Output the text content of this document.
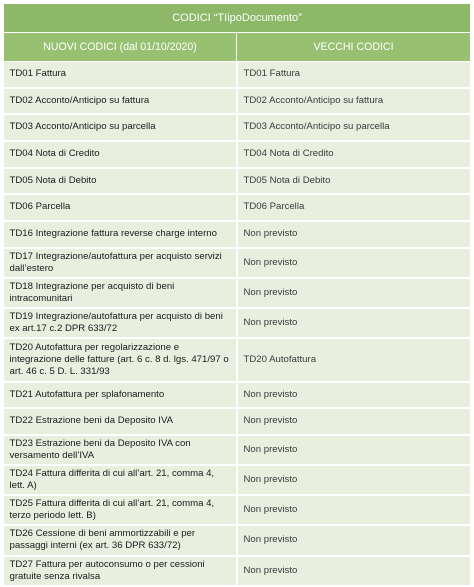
CODICI “TIipoDocumento”	
NUOVI CODICI (dal 01/10/2020)	VECCHI CODICI
TD01 Fattura	TD01 Fattura
TD02 Acconto/Anticipo su fattura	TD02 Acconto/Anticipo su fattura
TD03 Acconto/Anticipo su parcella	TD03 Acconto/Anticipo su parcella
TD04 Nota di Credito	TD04 Nota di Credito
TD05 Nota di Debito	TD05 Nota di Debito
TD06 Parcella	TD06 Parcella
TD16 Integrazione fattura reverse charge interno	Non previsto
TD17 Integrazione/autofattura per acquisto servizi dall’estero	Non previsto
TD18 Integrazione per acquisto di beni intracomunitari	Non previsto
TD19 Integrazione/autofattura per acquisto di beni ex art.17 c.2 DPR 633/72	Non previsto
TD20 Autofattura per regolarizzazione e integrazione delle fatture (art. 6 c. 8 d. lgs. 471/97 o art. 46 c. 5 D. L. 331/93	TD20 Autofattura
TD21 Autofattura per splafonamento	Non previsto
TD22 Estrazione beni da Deposito IVA	Non previsto
TD23 Estrazione beni da Deposito IVA con versamento dell’IVA	Non previsto
TD24 Fattura differita di cui all’art. 21, comma 4, lett. A)	Non previsto
TD25 Fattura differita di cui all’art. 21, comma 4, terzo periodo lett. B)	Non previsto
TD26 Cessione di beni ammortizzabili e per passaggi interni (ex art. 36 DPR 633/72)	Non previsto
TD27 Fattura per autoconsumo o per cessioni gratuite senza rivalsa	Non previsto
